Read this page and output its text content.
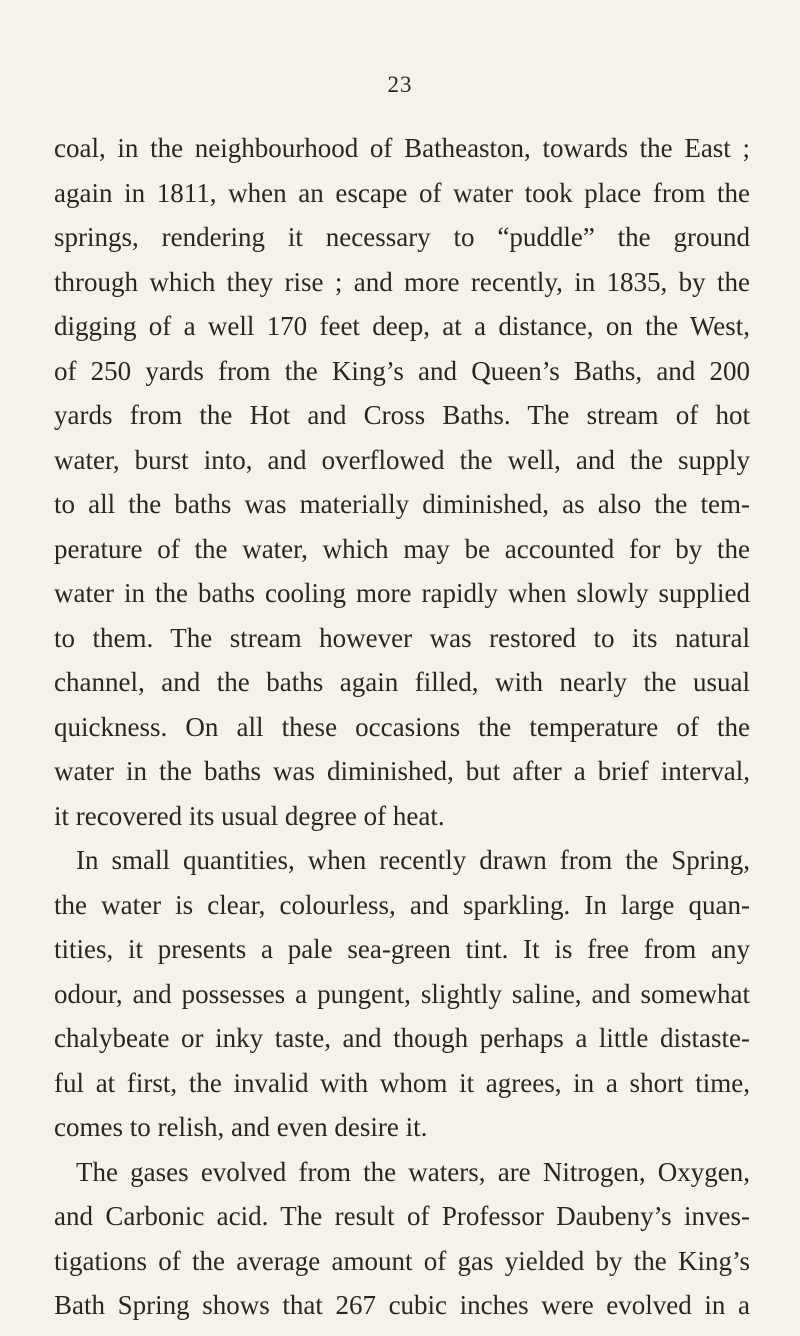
23
coal, in the neighbourhood of Batheaston, towards the East ;
again in 1811, when an escape of water took place from the
springs, rendering it necessary to “puddle” the ground
through which they rise ; and more recently, in 1835, by the
digging of a well 170 feet deep, at a distance, on the West,
of 250 yards from the King’s and Queen’s Baths, and 200
yards from the Hot and Cross Baths. The stream of hot
water, burst into, and overflowed the well, and the supply
to all the baths was materially diminished, as also the tem-
perature of the water, which may be accounted for by the
water in the baths cooling more rapidly when slowly supplied
to them. The stream however was restored to its natural
channel, and the baths again filled, with nearly the usual
quickness. On all these occasions the temperature of the
water in the baths was diminished, but after a brief interval,
it recovered its usual degree of heat.
In small quantities, when recently drawn from the Spring,
the water is clear, colourless, and sparkling. In large quan-
tities, it presents a pale sea-green tint. It is free from any
odour, and possesses a pungent, slightly saline, and somewhat
chalybeate or inky taste, and though perhaps a little distaste-
ful at first, the invalid with whom it agrees, in a short time,
comes to relish, and even desire it.
The gases evolved from the waters, are Nitrogen, Oxygen,
and Carbonic acid. The result of Professor Daubeny’s inves-
tigations of the average amount of gas yielded by the King’s
Bath Spring shows that 267 cubic inches were evolved in a
